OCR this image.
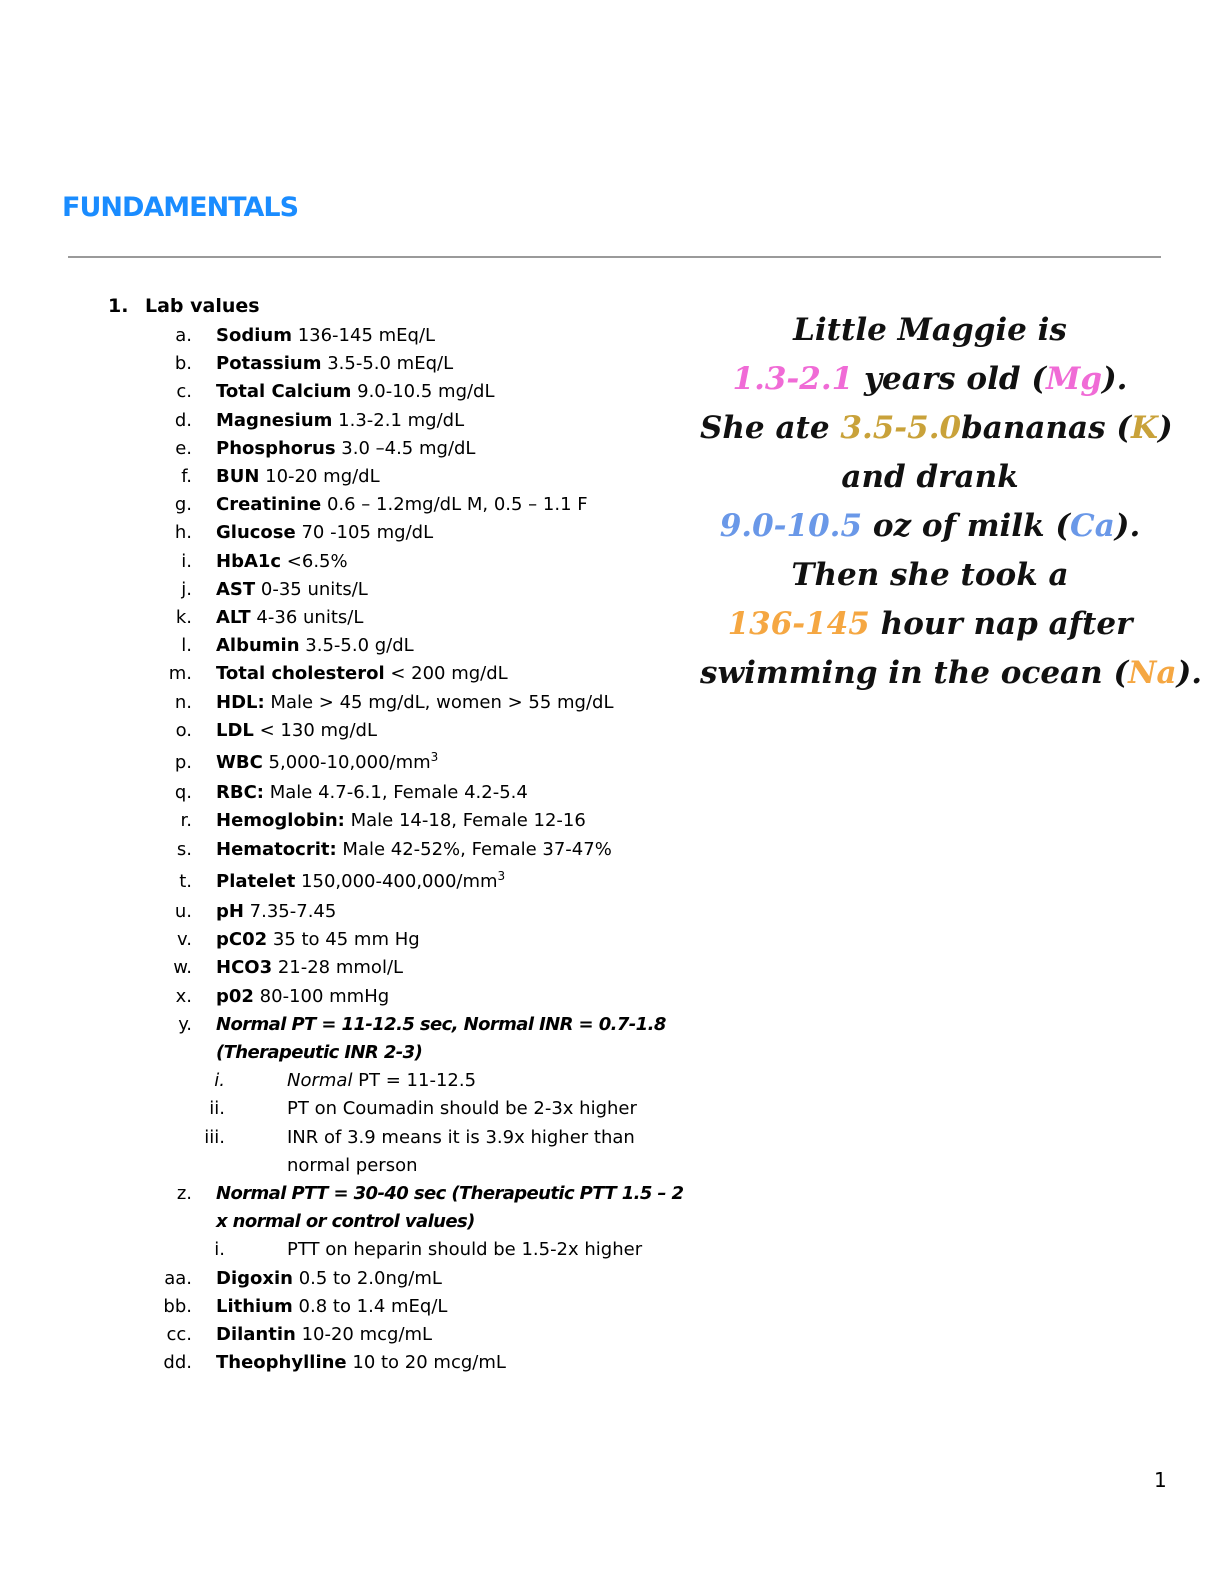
FUNDAMENTALS
1. Lab values
a. Sodium 136-145 mEq/L
b. Potassium 3.5-5.0 mEq/L
c. Total Calcium 9.0-10.5 mg/dL
d. Magnesium 1.3-2.1 mg/dL
e. Phosphorus 3.0 –4.5 mg/dL
f. BUN 10-20 mg/dL
g. Creatinine 0.6 – 1.2mg/dL M, 0.5 – 1.1 F
h. Glucose 70 -105 mg/dL
i. HbA1c <6.5%
j. AST 0-35 units/L
k. ALT 4-36 units/L
l. Albumin 3.5-5.0 g/dL
m. Total cholesterol < 200 mg/dL
n. HDL: Male > 45 mg/dL, women > 55 mg/dL
o. LDL < 130 mg/dL
p. WBC $5,000-10,000/mm^3$
q. RBC: Male 4.7-6.1, Female 4.2-5.4
r. Hemoglobin: Male 14-18, Female 12-16
s. Hematocrit: Male 42-52%, Female 37-47%
t. Platelet $150,000-400,000/mm^3$
u. pH 7.35-7.45
v. pC02 35 to 45 mm Hg
w. HCO3 21-28 mmol/L
x. p02 80-100 mmHg
y. Normal PT = 11-12.5 sec, Normal INR = 0.7-1.8
(Therapeutic INR 2-3)
i.	Normal PT = 11-12.5
ii.	PT on Coumadin should be 2-3x higher
iii.	INR of 3.9 means it is 3.9x higher than
normal person
z. Normal PTT = 30-40 sec (Therapeutic PTT 1.5 – 2
x normal or control values)
i.	PTT on heparin should be 1.5-2x higher
aa. Digoxin 0.5 to 2.0ng/mL
bb. Lithium 0.8 to 1.4 mEq/L
cc. Dilantin 10-20 mcg/mL
dd. Theophylline 10 to 20 mcg/mL
Little Maggie is
1.3-2.1 years old (Mg).
She ate 3.5-5.0bananas (K)
and drank
9.0-10.5 oz of milk (Ca).
Then she took a
136-145 hour nap after
swimming in the ocean (Na).
1
